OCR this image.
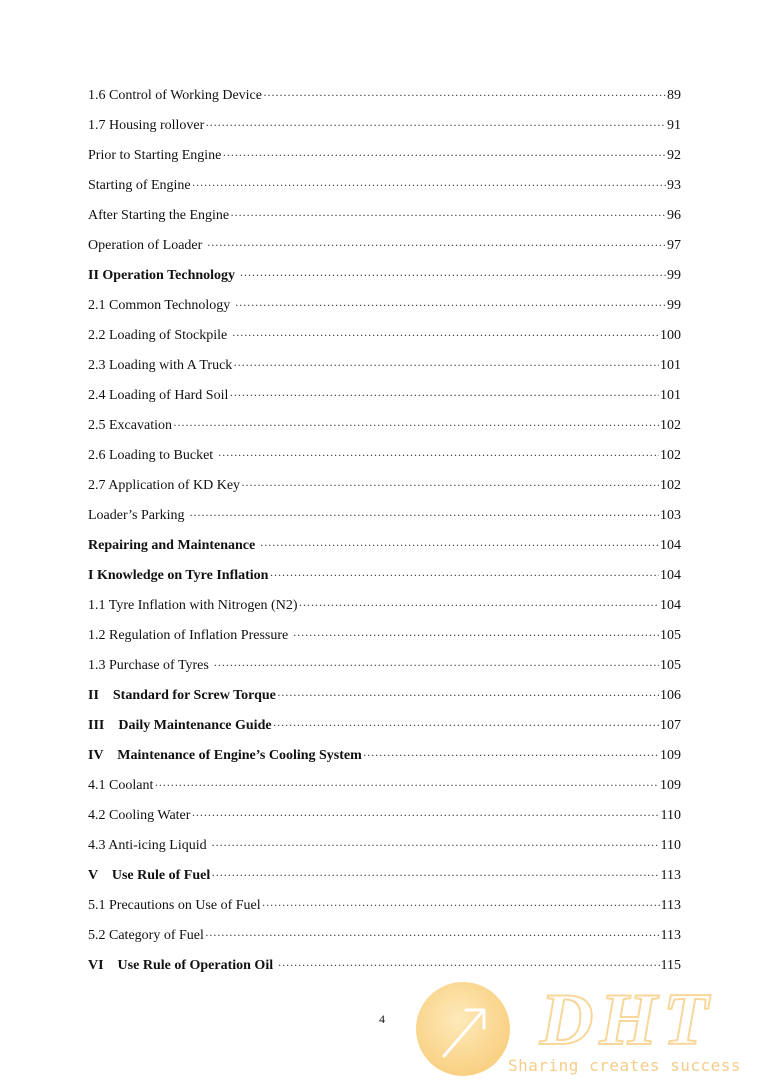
1.6 Control of Working Device ·····	89
1.7 Housing rollover ·····	91
Prior to Starting Engine ·····	92
Starting of Engine ·····	93
After Starting the Engine ·····	96
Operation of Loader ·····	97
II Operation Technology ·····	99
2.1 Common Technology ·····	99
2.2 Loading of Stockpile ·····	100
2.3 Loading with A Truck ·····	101
2.4 Loading of Hard Soil ·····	101
2.5 Excavation ·····	102
2.6 Loading to Bucket ·····	102
2.7 Application of KD Key ·····	102
Loader’s Parking ·····	103
Repairing and Maintenance ·····	104
I Knowledge on Tyre Inflation ·····	104
1.1 Tyre Inflation with Nitrogen (N2) ·····	104
1.2 Regulation of Inflation Pressure ·····	105
1.3 Purchase of Tyres ·····	105
II    Standard for Screw Torque ·····	106
III    Daily Maintenance Guide ·····	107
IV    Maintenance of Engine’s Cooling System ·····	109
4.1 Coolant ·····	109
4.2 Cooling Water ·····	110
4.3 Anti-icing Liquid ·····	110
V    Use Rule of Fuel ·····	113
5.1 Precautions on Use of Fuel ·····	113
5.2 Category of Fuel ·····	113
VI    Use Rule of Operation Oil ·····	115
4	DHT
Sharing creates success
